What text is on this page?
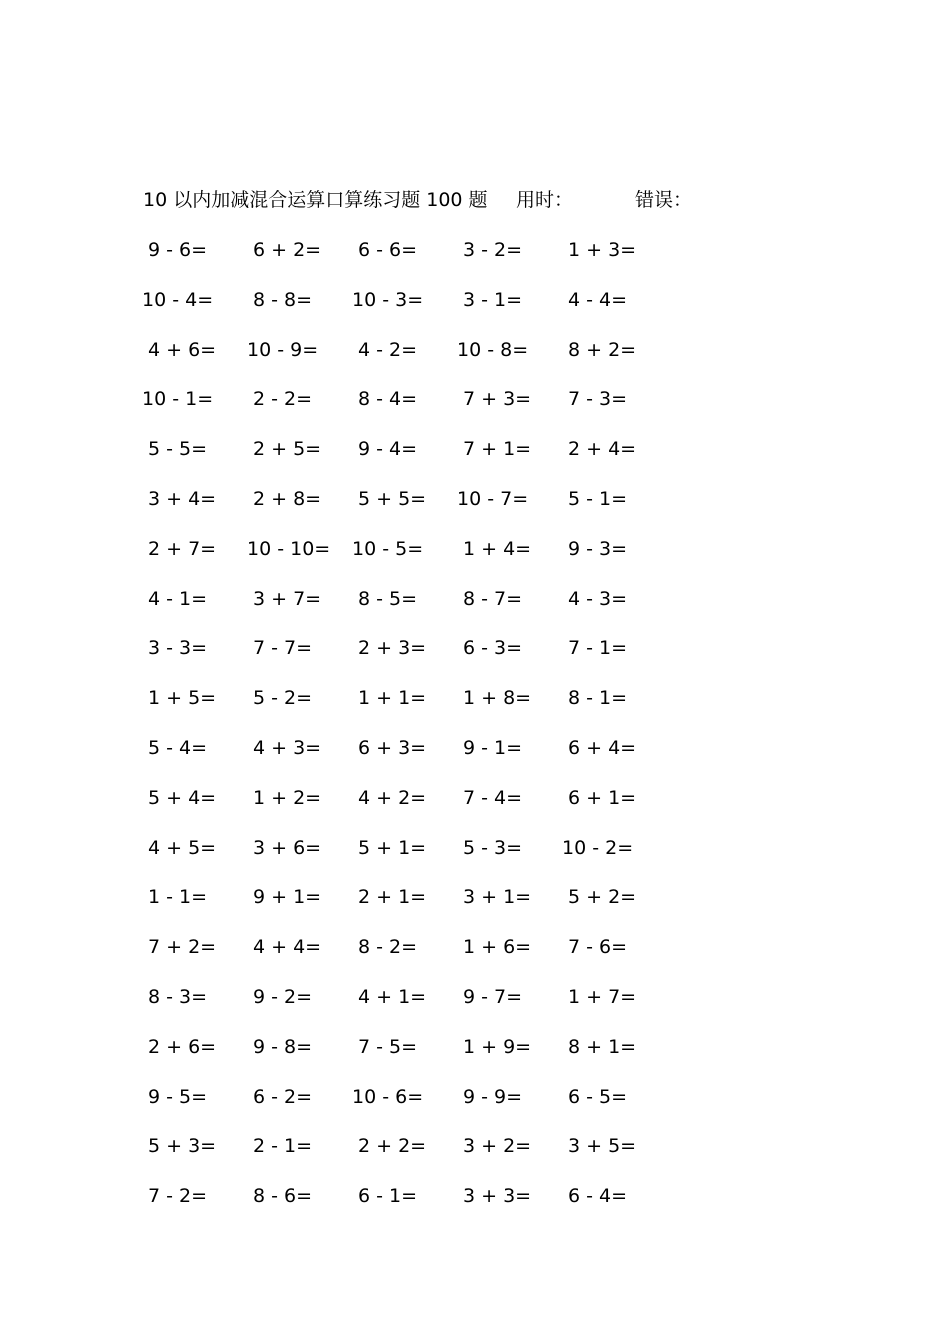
10 以内加减混合运算口算练习题 100 题 用时：	错误：
9 - 6=	6 + 2=	6 - 6=	3 - 2=	1 + 3=
10 - 4=	8 - 8=	10 - 3=	3 - 1=	4 - 4=
4 + 6=	10 - 9=	4 - 2=	10 - 8=	8 + 2=
10 - 1=	2 - 2=	8 - 4=	7 + 3=	7 - 3=
5 - 5=	2 + 5=	9 - 4=	7 + 1=	2 + 4=
3 + 4=	2 + 8=	5 + 5=	10 - 7=	5 - 1=
2 + 7=	10 - 10=	10 - 5=	1 + 4=	9 - 3=
4 - 1=	3 + 7=	8 - 5=	8 - 7=	4 - 3=
3 - 3=	7 - 7=	2 + 3=	6 - 3=	7 - 1=
1 + 5=	5 - 2=	1 + 1=	1 + 8=	8 - 1=
5 - 4=	4 + 3=	6 + 3=	9 - 1=	6 + 4=
5 + 4=	1 + 2=	4 + 2=	7 - 4=	6 + 1=
4 + 5=	3 + 6=	5 + 1=	5 - 3=	10 - 2=
1 - 1=	9 + 1=	2 + 1=	3 + 1=	5 + 2=
7 + 2=	4 + 4=	8 - 2=	1 + 6=	7 - 6=
8 - 3=	9 - 2=	4 + 1=	9 - 7=	1 + 7=
2 + 6=	9 - 8=	7 - 5=	1 + 9=	8 + 1=
9 - 5=	6 - 2=	10 - 6=	9 - 9=	6 - 5=
5 + 3=	2 - 1=	2 + 2=	3 + 2=	3 + 5=
7 - 2=	8 - 6=	6 - 1=	3 + 3=	6 - 4=
